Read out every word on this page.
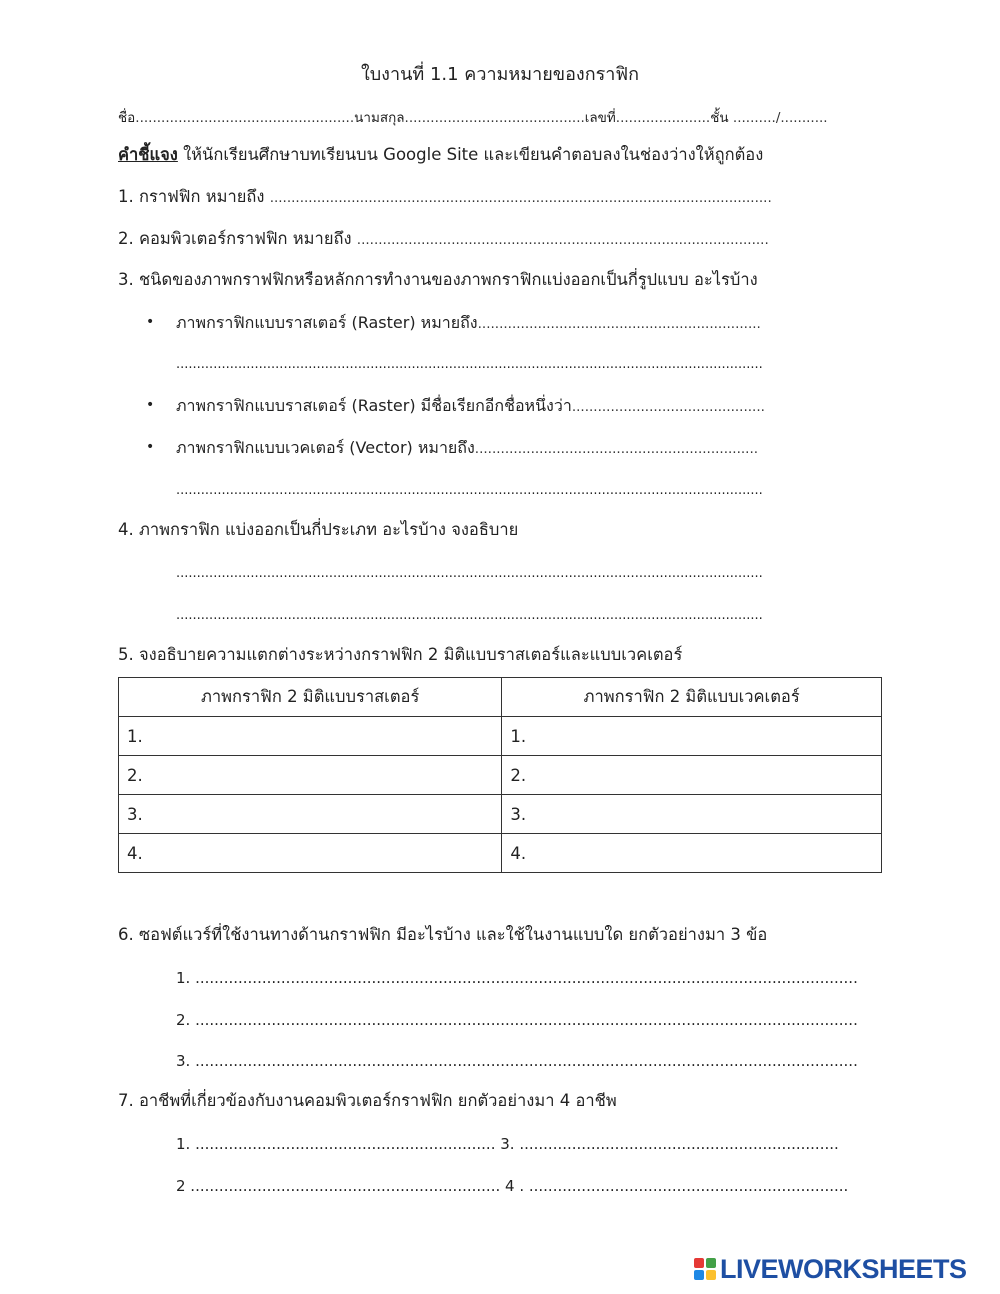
ใบงานที่ 1.1 ความหมายของกราฟิก
ชื่อ...................................................นามสกุล..........................................เลขที่......................ชั้น ........../...........
คำชี้แจง ให้นักเรียนศึกษาบทเรียนบน Google Site และเขียนคำตอบลงในช่องว่างให้ถูกต้อง
1. กราฟฟิก หมายถึง .....................................................................................................................
2. คอมพิวเตอร์กราฟฟิก หมายถึง ................................................................................................
3. ชนิดของภาพกราฟฟิกหรือหลักการทำงานของภาพกราฟิกแบ่งออกเป็นกี่รูปแบบ อะไรบ้าง
• ภาพกราฟิกแบบราสเตอร์ (Raster) หมายถึง..................................................................
..............................................................................................................................................
• ภาพกราฟิกแบบราสเตอร์ (Raster) มีชื่อเรียกอีกชื่อหนึ่งว่า.............................................
• ภาพกราฟิกแบบเวคเตอร์ (Vector) หมายถึง..................................................................
..............................................................................................................................................
4. ภาพกราฟิก แบ่งออกเป็นกี่ประเภท อะไรบ้าง จงอธิบาย
..............................................................................................................................................
..............................................................................................................................................
5. จงอธิบายความแตกต่างระหว่างกราฟฟิก 2 มิติแบบราสเตอร์และแบบเวคเตอร์
ภาพกราฟิก 2 มิติแบบราสเตอร์	ภาพกราฟิก 2 มิติแบบเวคเตอร์
1.	1.
2.	2.
3.	3.
4.	4.
6. ซอฟต์แวร์ที่ใช้งานทางด้านกราฟฟิก มีอะไรบ้าง และใช้ในงานแบบใด ยกตัวอย่างมา 3 ข้อ
1. ...........................................................................................................................................
2. ...........................................................................................................................................
3. ...........................................................................................................................................
7. อาชีพที่เกี่ยวข้องกับงานคอมพิวเตอร์กราฟฟิก ยกตัวอย่างมา 4 อาชีพ
1. ............................................................... 3. ...................................................................
2 ................................................................. 4 . ...................................................................
LIVEWORKSHEETS
